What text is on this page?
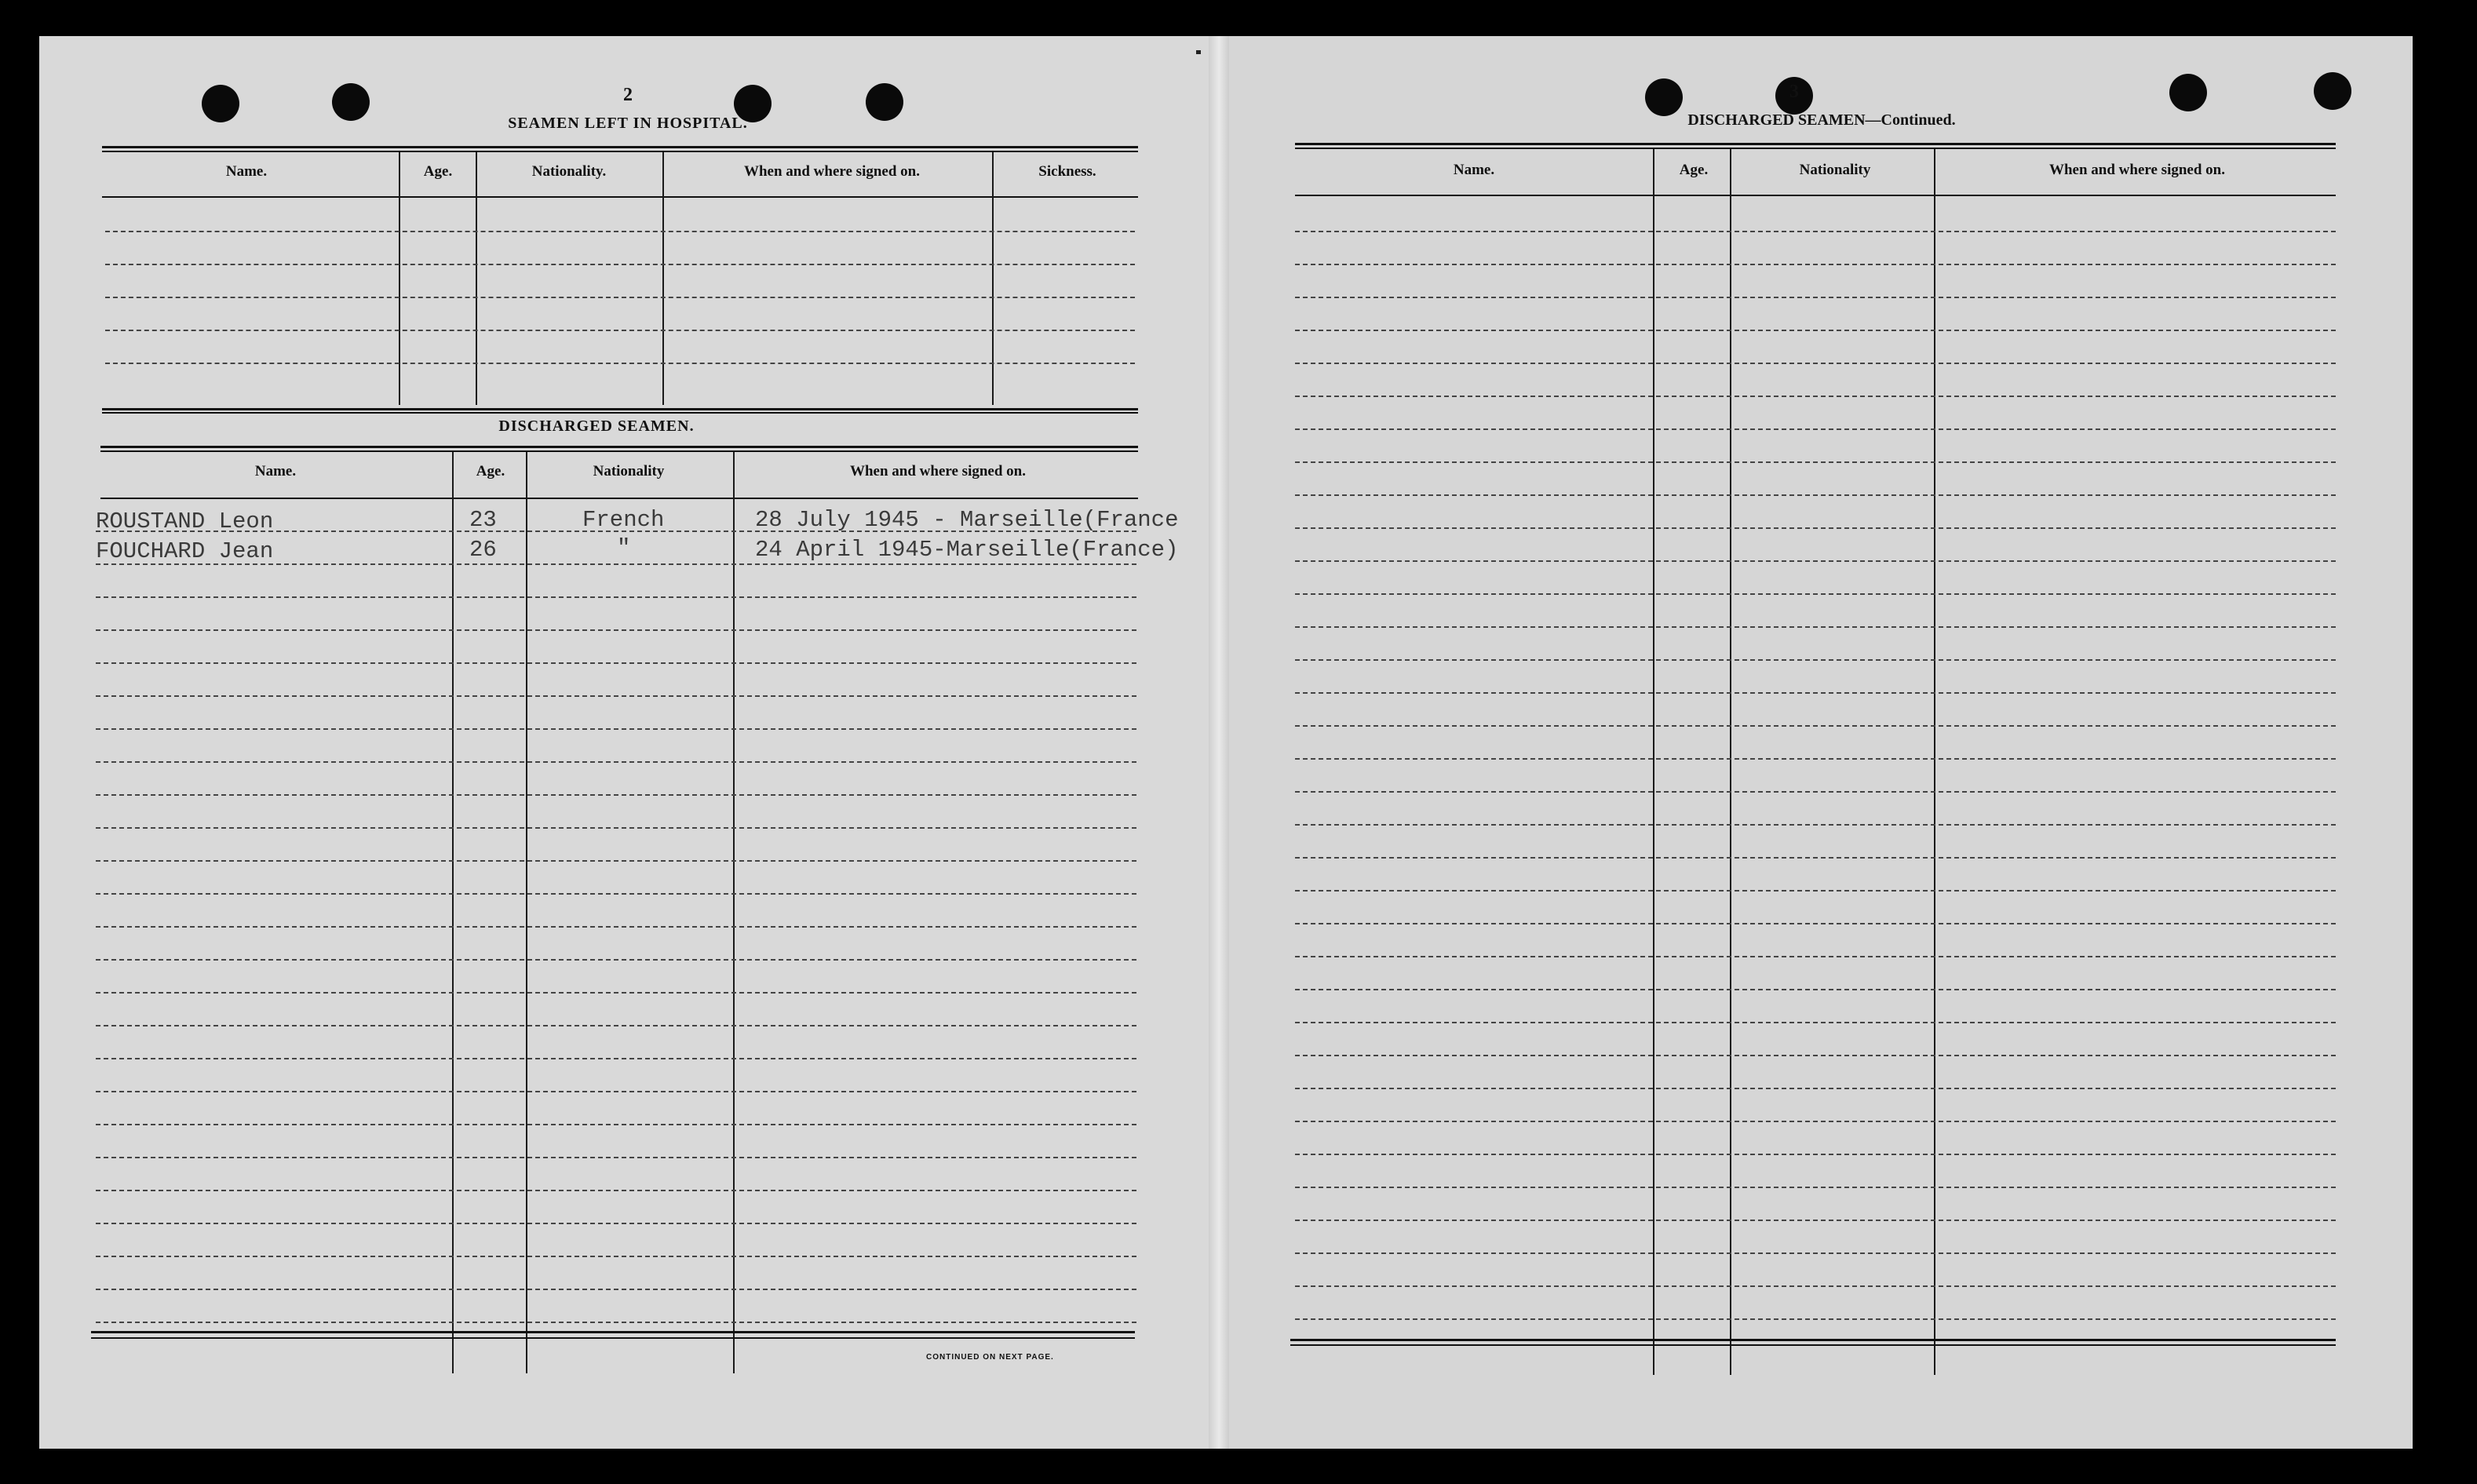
2
SEAMEN LEFT IN HOSPITAL.
Name.	Age.	Nationality.	When and where signed on.	Sickness.
DISCHARGED SEAMEN.
Name.	Age.	Nationality	When and where signed on.
ROUSTAND Leon	23	French	28 July 1945 - Marseille(France
FOUCHARD Jean	26	"	24 April 1945-Marseille(France)
CONTINUED ON NEXT PAGE.
3
DISCHARGED SEAMEN—Continued.
Name.	Age.	Nationality	When and where signed on.
